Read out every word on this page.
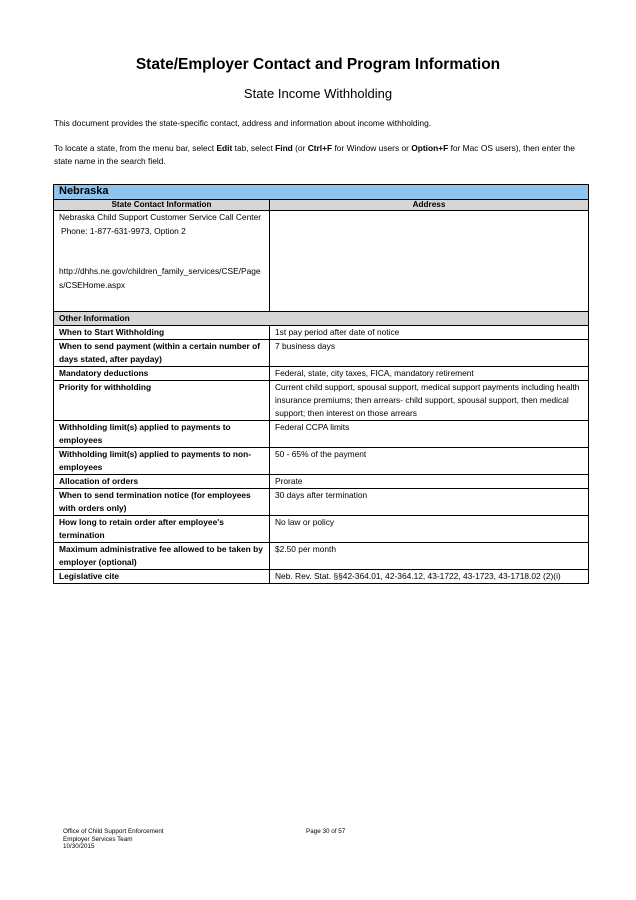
State/Employer Contact and Program Information
State Income Withholding
This document provides the state-specific contact, address and information about income withholding.
To locate a state, from the menu bar, select Edit tab, select Find (or Ctrl+F for Window users or Option+F for Mac OS users), then enter the state name in the search field.
Nebraska	
State Contact Information	Address

Nebraska Child Support Customer Service Call Center
Phone: 1-877-631-9973, Option 2
http://dhhs.ne.gov/children_family_services/CSE/Pages/CSEHome.aspx	

Other Information	
When to Start Withholding	1st pay period after date of notice
When to send payment (within a certain number of days stated, after payday)	7 business days
Mandatory deductions	Federal, state, city taxes, FICA, mandatory retirement
Priority for withholding	Current child support, spousal support, medical support payments including health insurance premiums; then arrears- child support, spousal support, then medical support; then interest on those arrears
Withholding limit(s) applied to payments to employees	Federal CCPA limits
Withholding limit(s) applied to payments to non-employees	50 - 65% of the payment
Allocation of orders	Prorate
When to send termination notice (for employees with orders only)	30 days after termination
How long to retain order after employee's termination	No law or policy
Maximum administrative fee allowed to be taken by employer (optional)	$2.50 per month
Legislative cite	Neb. Rev. Stat. §§42-364.01, 42-364.12, 43-1722, 43-1723, 43-1718.02 (2)(i)
Office of Child Support Enforcement
Employer Services Team
10/30/2015
Page 30 of 57
